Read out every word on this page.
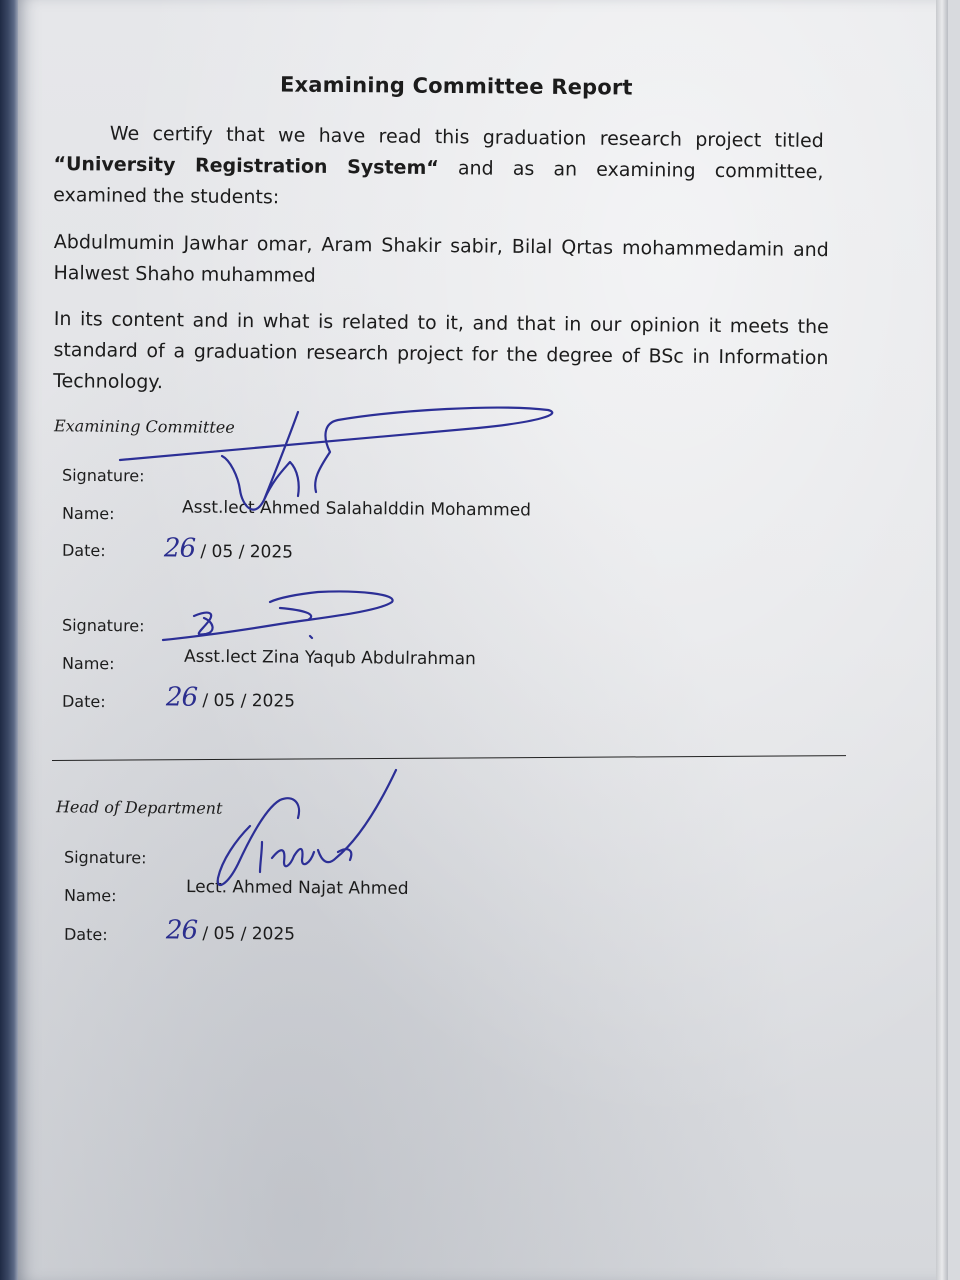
Examining Committee Report
We certify that we have read this graduation research project titled “University Registration System“ and as an examining committee, examined the students:
Abdulmumin Jawhar omar, Aram Shakir sabir, Bilal Qrtas mohammedamin and Halwest Shaho muhammed
In its content and in what is related to it, and that in our opinion it meets the standard of a graduation research project for the degree of BSc in Information Technology.
Examining Committee
Signature:
Name:	Asst.lect Ahmed Salahalddin Mohammed
Date: 26 / 05 / 2025
Signature:
Name:	Asst.lect Zina Yaqub Abdulrahman
Date: 26 / 05 / 2025
Head of Department
Signature:
Name:	Lect. Ahmed Najat Ahmed
Date: 26 / 05 / 2025
